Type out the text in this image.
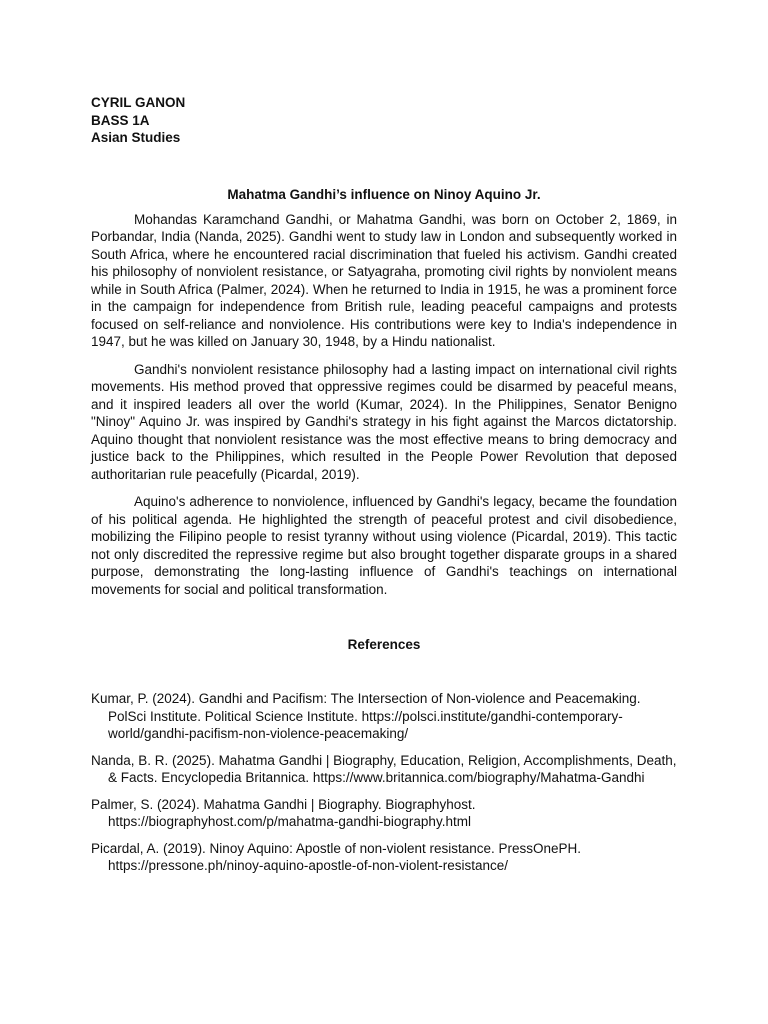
CYRIL GANON

BASS 1A

Asian Studies

Mahatma Gandhi’s influence on Ninoy Aquino Jr.

Mohandas Karamchand Gandhi, or Mahatma Gandhi, was born on October 2, 1869, in Porbandar, India (Nanda, 2025). Gandhi went to study law in London and subsequently worked in South Africa, where he encountered racial discrimination that fueled his activism. Gandhi created his philosophy of nonviolent resistance, or Satyagraha, promoting civil rights by nonviolent means while in South Africa (Palmer, 2024). When he returned to India in 1915, he was a prominent force in the campaign for independence from British rule, leading peaceful campaigns and protests focused on self-reliance and nonviolence. His contributions were key to India's independence in 1947, but he was killed on January 30, 1948, by a Hindu nationalist.

Gandhi's nonviolent resistance philosophy had a lasting impact on international civil rights movements. His method proved that oppressive regimes could be disarmed by peaceful means, and it inspired leaders all over the world (Kumar, 2024). In the Philippines, Senator Benigno "Ninoy" Aquino Jr. was inspired by Gandhi's strategy in his fight against the Marcos dictatorship. Aquino thought that nonviolent resistance was the most effective means to bring democracy and justice back to the Philippines, which resulted in the People Power Revolution that deposed authoritarian rule peacefully (Picardal, 2019).

Aquino's adherence to nonviolence, influenced by Gandhi's legacy, became the foundation of his political agenda. He highlighted the strength of peaceful protest and civil disobedience, mobilizing the Filipino people to resist tyranny without using violence (Picardal, 2019). This tactic not only discredited the repressive regime but also brought together disparate groups in a shared purpose, demonstrating the long-lasting influence of Gandhi's teachings on international movements for social and political transformation.

References

Kumar, P. (2024). Gandhi and Pacifism: The Intersection of Non-violence and Peacemaking. PolSci Institute. Political Science Institute. https://polsci.institute/gandhi-contemporary-world/gandhi-pacifism-non-violence-peacemaking/

Nanda, B. R. (2025). Mahatma Gandhi | Biography, Education, Religion, Accomplishments, Death, & Facts. Encyclopedia Britannica. https://www.britannica.com/biography/Mahatma-Gandhi

Palmer, S. (2024). Mahatma Gandhi | Biography. Biographyhost. https://biographyhost.com/p/mahatma-gandhi-biography.html

Picardal, A. (2019). Ninoy Aquino: Apostle of non-violent resistance. PressOnePH. https://pressone.ph/ninoy-aquino-apostle-of-non-violent-resistance/
